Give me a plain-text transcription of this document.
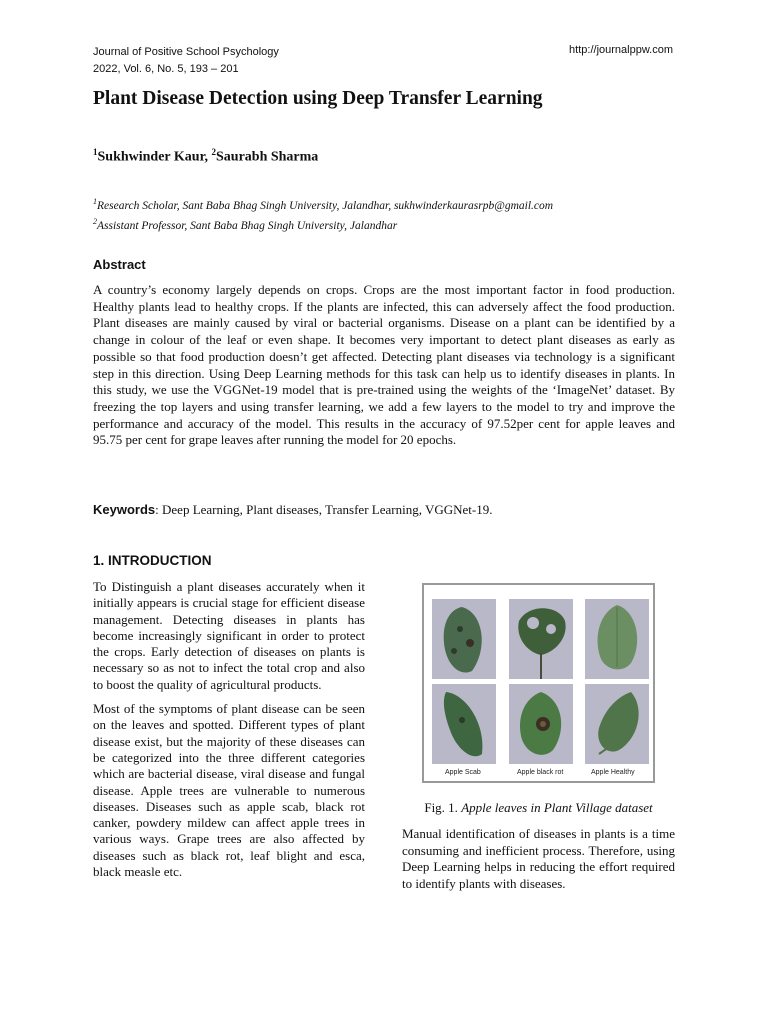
Journal of Positive School Psychology
2022, Vol. 6, No. 5, 193 – 201
http://journalppw.com
Plant Disease Detection using Deep Transfer Learning
$^1$Sukhwinder Kaur, $^2$Saurabh Sharma
$^1$Research Scholar, Sant Baba Bhag Singh University, Jalandhar, sukhwinderkaurasrpb@gmail.com
$^2$Assistant Professor, Sant Baba Bhag Singh University, Jalandhar
Abstract

A country’s economy largely depends on crops. Crops are the most important factor in food production. Healthy plants lead to healthy crops. If the plants are infected, this can adversely affect the food production. Plant diseases are mainly caused by viral or bacterial organisms. Disease on a plant can be identified by a change in colour of the leaf or even shape. It becomes very important to detect plant diseases as early as possible so that food production doesn’t get affected. Detecting plant diseases via technology is a significant step in this direction. Using Deep Learning methods for this task can help us to identify diseases in plants. In this study, we use the VGGNet-19 model that is pre-trained using the weights of the ‘ImageNet’ dataset. By freezing the top layers and using transfer learning, we add a few layers to the model to try and improve the performance and accuracy of the model. This results in the accuracy of 97.52per cent for apple leaves and 95.75 per cent for grape leaves after running the model for 20 epochs.

Keywords: Deep Learning, Plant diseases, Transfer Learning, VGGNet-19.
1. INTRODUCTION

To Distinguish a plant diseases accurately when it initially appears is crucial stage for efficient disease management. Detecting diseases in plants has become increasingly significant in order to protect the crops. Early detection of diseases on plants is necessary so as not to infect the total crop and also to boost the quality of agricultural products.

Most of the symptoms of plant disease can be seen on the leaves and spotted. Different types of plant disease exist, but the majority of these diseases can be categorized into the three different categories which are bacterial disease, viral disease and fungal disease. Apple trees are vulnerable to numerous diseases. Diseases such as apple scab, black rot canker, powdery mildew can affect apple trees in various ways. Grape trees are also affected by diseases such as black rot, leaf blight and esca, black measle etc.

Apple Scab	Apple black rot	Apple Healthy
Fig. 1. Apple leaves in Plant Village dataset

Manual identification of diseases in plants is a time consuming and inefficient process. Therefore, using Deep Learning helps in reducing the effort required to identify plants with diseases.
